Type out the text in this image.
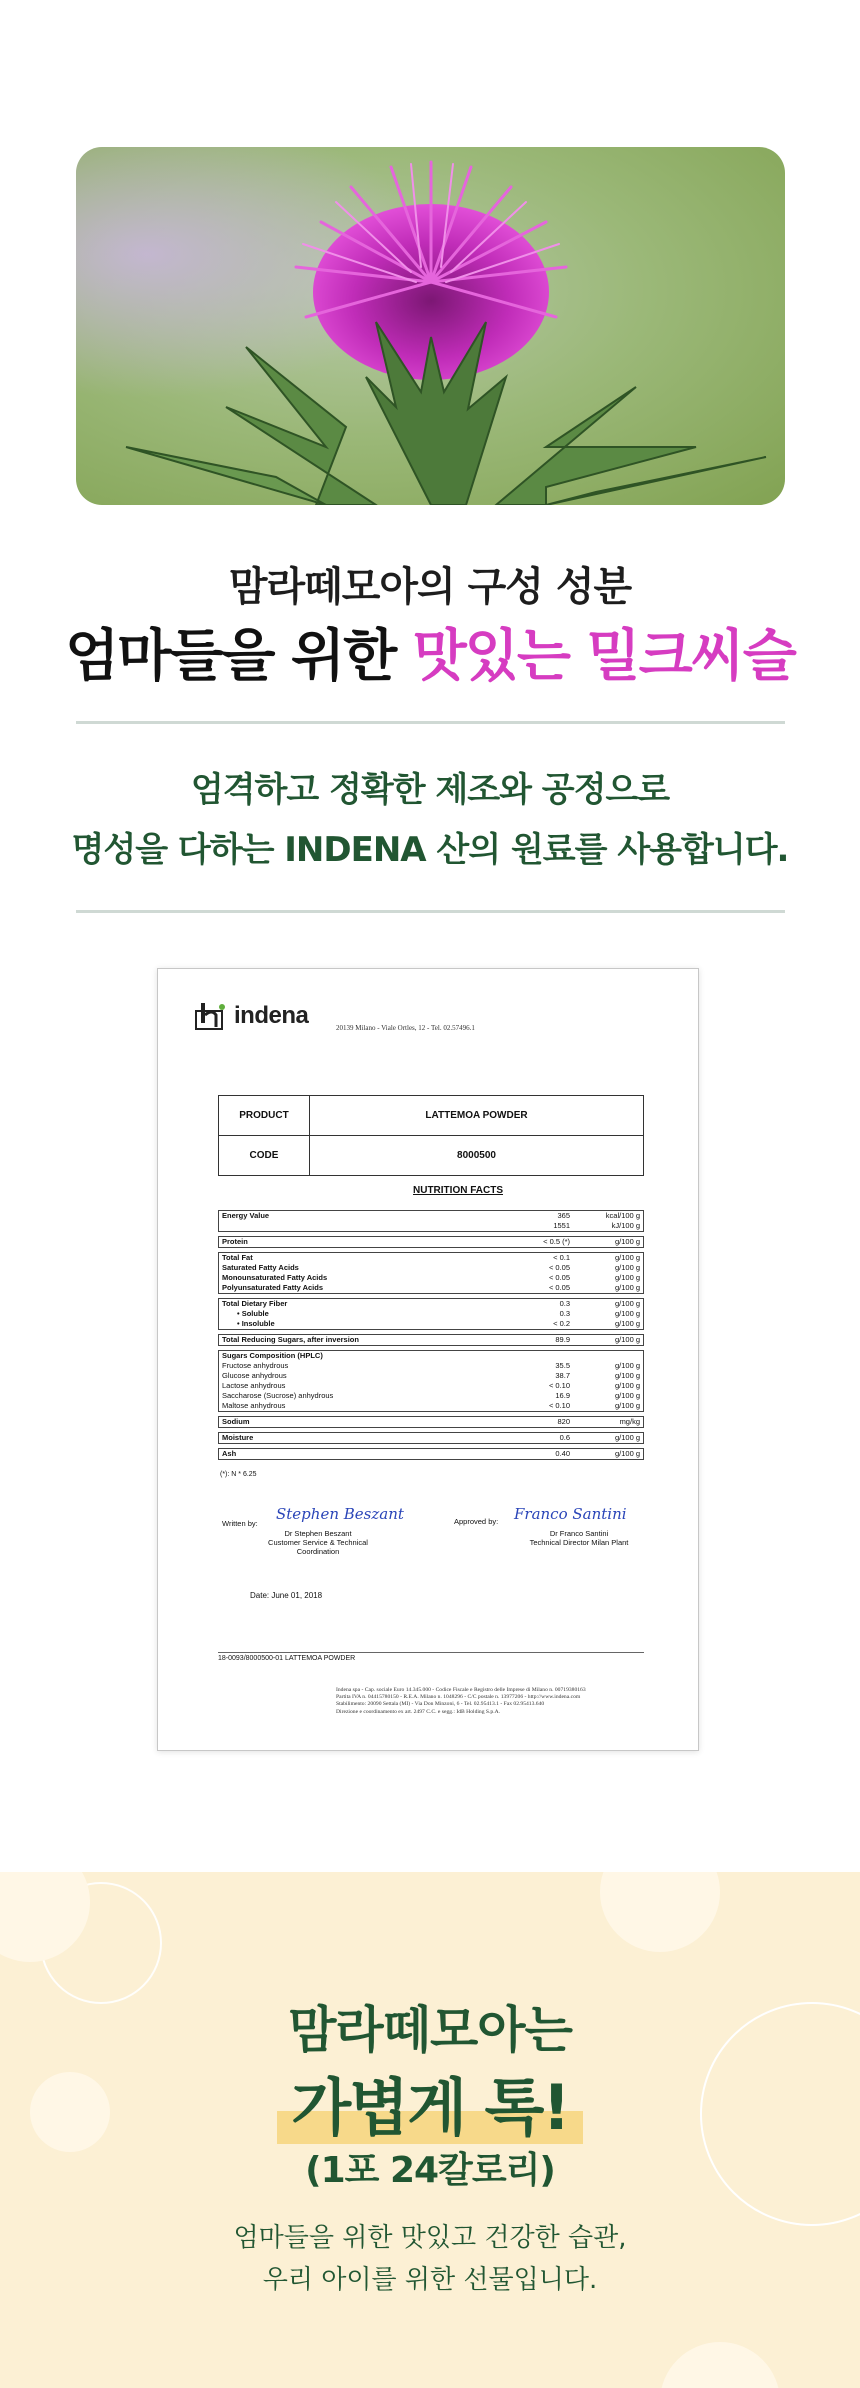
맘라떼모아의 구성 성분
엄마들을 위한 맛있는 밀크씨슬
엄격하고 정확한 제조와 공정으로
명성을 다하는 INDENA 산의 원료를 사용합니다.
indena	20139 Milano - Viale Ortles, 12 - Tel. 02.57496.1
PRODUCT	LATTEMOA POWDER
CODE	8000500
NUTRITION FACTS
Energy Value	365	kcal/100 g
1551	kJ/100 g
Protein	< 0.5 (*)	g/100 g
Total Fat	< 0.1	g/100 g
Saturated Fatty Acids	< 0.05	g/100 g
Monounsaturated Fatty Acids	< 0.05	g/100 g
Polyunsaturated Fatty Acids	< 0.05	g/100 g
Total Dietary Fiber	0.3	g/100 g
• Soluble	0.3	g/100 g
• Insoluble	< 0.2	g/100 g
Total Reducing Sugars, after inversion	89.9	g/100 g
Sugars Composition (HPLC)
Fructose anhydrous	35.5	g/100 g
Glucose anhydrous	38.7	g/100 g
Lactose anhydrous	< 0.10	g/100 g
Saccharose (Sucrose) anhydrous	16.9	g/100 g
Maltose anhydrous	< 0.10	g/100 g
Sodium	820	mg/kg
Moisture	0.6	g/100 g
Ash	0.40	g/100 g
(*): N * 6.25
Written by:
Stephen Beszant
Dr Stephen Beszant
Customer Service & Technical Coordination
Approved by: Franco Santini
Dr Franco Santini
Technical Director Milan Plant
Date: June 01, 2018
18-0093/8000500-01 LATTEMOA POWDER
Indena spa - Cap. sociale Euro 14.345.000 - Codice Fiscale e Registro delle Imprese di Milano n. 00719380163
Partita IVA n. 04415780150 - R.E.A. Milano n. 1048296 - C/C postale n. 13977206 - http://www.indena.com
Stabilimento: 20090 Settala (MI) - Via Don Minzoni, 6 - Tel. 02.95413.1 - Fax 02.95413.640
Direzione e coordinamento ex art. 2497 C.C. e segg.: IdB Holding S.p.A.
맘라떼모아는
가볍게 톡!
(1포 24칼로리)
엄마들을 위한 맛있고 건강한 습관,
우리 아이를 위한 선물입니다.
